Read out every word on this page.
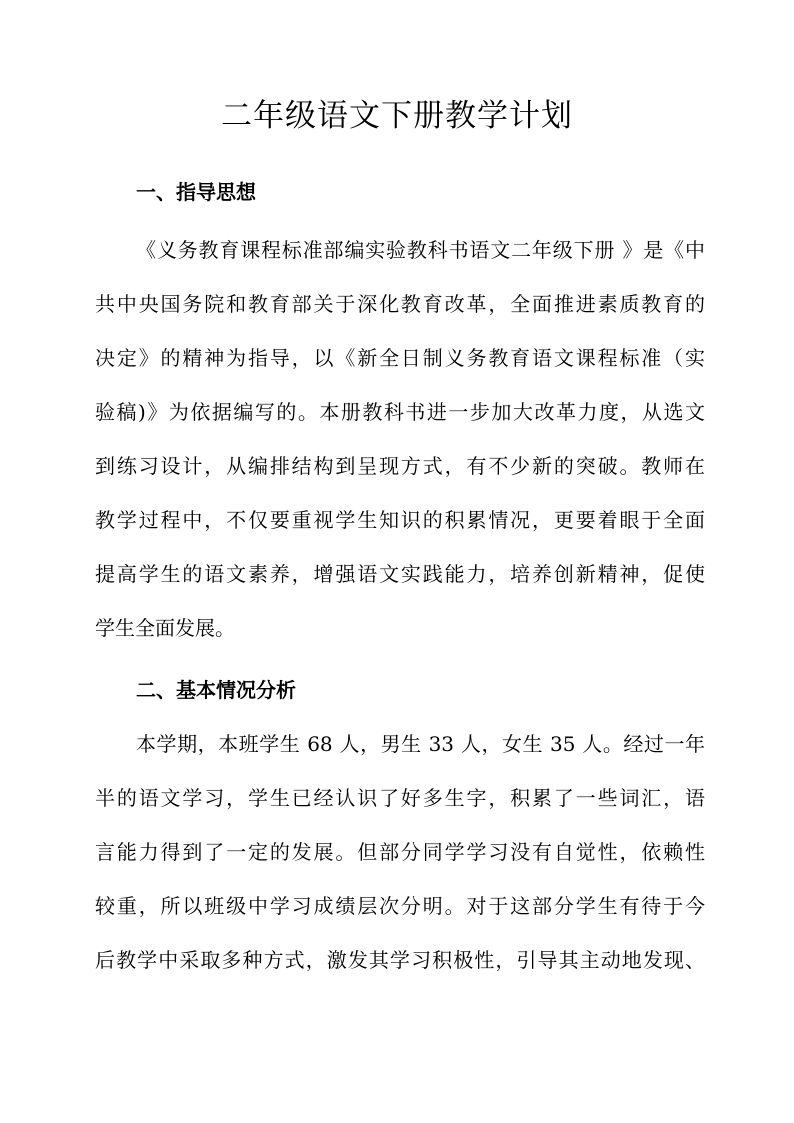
二年级语文下册教学计划
一、指导思想
《义务教育课程标准部编实验教科书语文二年级下册 》是《中
共中央国务院和教育部关于深化教育改革，全面推进素质教育的
决定》的精神为指导，以《新全日制义务教育语文课程标准（实
验稿)》为依据编写的。本册教科书进一步加大改革力度，从选文
到练习设计，从编排结构到呈现方式，有不少新的突破。教师在
教学过程中，不仅要重视学生知识的积累情况，更要着眼于全面
提高学生的语文素养，增强语文实践能力，培养创新精神，促使
学生全面发展。
二、基本情况分析
本学期，本班学生 68 人，男生 33 人，女生 35 人。经过一年
半的语文学习，学生已经认识了好多生字，积累了一些词汇，语
言能力得到了一定的发展。但部分同学学习没有自觉性，依赖性
较重，所以班级中学习成绩层次分明。对于这部分学生有待于今
后教学中采取多种方式，激发其学习积极性，引导其主动地发现、
